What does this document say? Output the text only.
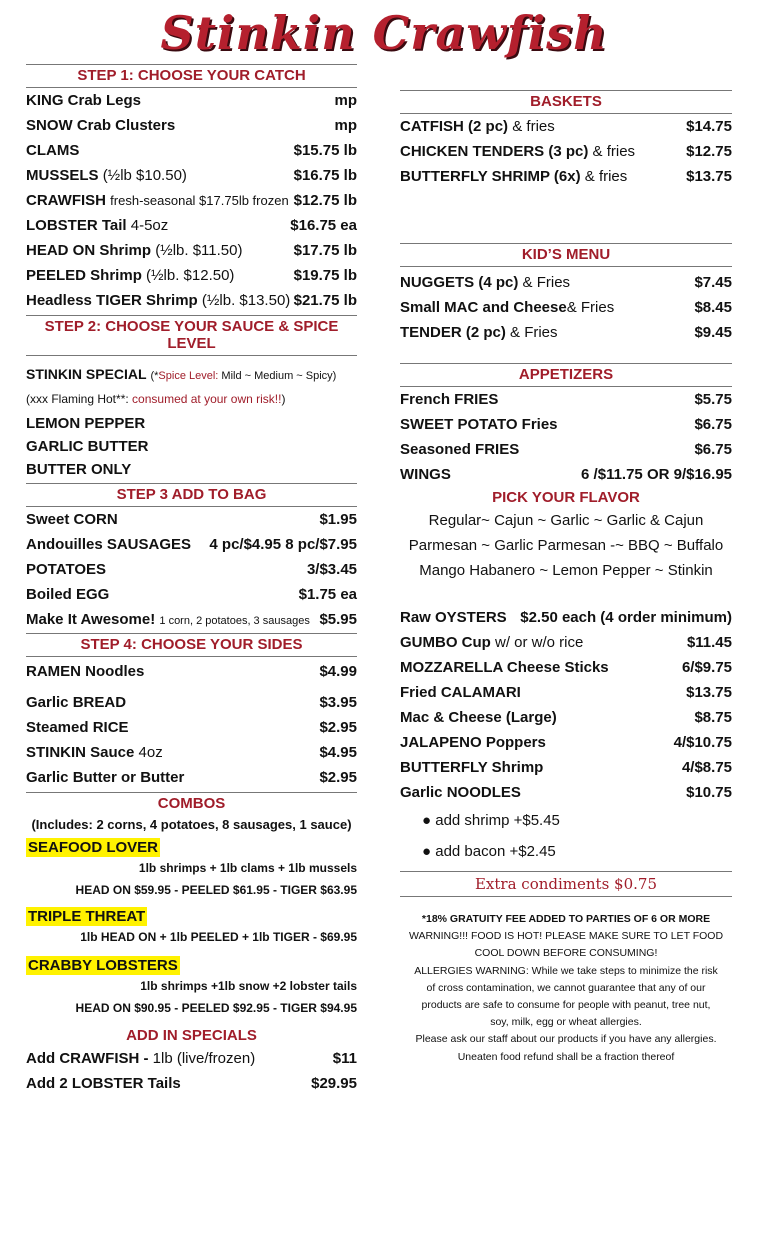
Stinkin Crawfish
STEP 1: CHOOSE YOUR CATCH
KING Crab Legs	mp
SNOW Crab Clusters	mp
CLAMS	$15.75 lb
MUSSELS (½lb $10.50)	$16.75 lb
CRAWFISH fresh-seasonal $17.75lb frozen $12.75 lb
LOBSTER Tail 4-5oz	$16.75 ea
HEAD ON Shrimp (½lb. $11.50)	$17.75 lb
PEELED Shrimp (½lb. $12.50)	$19.75 lb
Headless TIGER Shrimp (½lb. $13.50) $21.75 lb
STEP 2: CHOOSE YOUR SAUCE & SPICE LEVEL
STINKIN SPECIAL (*Spice Level: Mild ~ Medium ~ Spicy)
(xxx Flaming Hot**: consumed at your own risk!!)
LEMON PEPPER
GARLIC BUTTER
BUTTER ONLY
STEP 3 ADD TO BAG
Sweet CORN	$1.95
Andouilles SAUSAGES 4 pc/$4.95 8 pc/$7.95
POTATOES	3/$3.45
Boiled EGG	$1.75 ea
Make It Awesome! 1 corn, 2 potatoes, 3 sausages $5.95
STEP 4: CHOOSE YOUR SIDES
RAMEN Noodles	$4.99
Garlic BREAD	$3.95
Steamed RICE	$2.95
STINKIN Sauce 4oz	$4.95
Garlic Butter or Butter	$2.95
COMBOS
(Includes: 2 corns, 4 potatoes, 8 sausages, 1 sauce)
SEAFOOD LOVER
1lb shrimps + 1lb clams + 1lb mussels
HEAD ON $59.95 - PEELED $61.95 - TIGER $63.95
TRIPLE THREAT
1lb HEAD ON + 1lb PEELED + 1lb TIGER - $69.95
CRABBY LOBSTERS
1lb shrimps +1lb snow +2 lobster tails
HEAD ON $90.95 - PEELED $92.95 - TIGER $94.95
ADD IN SPECIALS
Add CRAWFISH - 1lb (live/frozen)	$11
Add 2 LOBSTER Tails	$29.95
BASKETS
CATFISH (2 pc) & fries	$14.75
CHICKEN TENDERS (3 pc) & fries	$12.75
BUTTERFLY SHRIMP (6x) & fries	$13.75
KID’S MENU
NUGGETS (4 pc) & Fries	$7.45
Small MAC and Cheese& Fries	$8.45
TENDER (2 pc) & Fries	$9.45
APPETIZERS
French FRIES	$5.75
SWEET POTATO Fries	$6.75
Seasoned FRIES	$6.75
WINGS	6 /$11.75 OR 9/$16.95
PICK YOUR FLAVOR
Regular~ Cajun ~ Garlic ~ Garlic & Cajun
Parmesan ~ Garlic Parmesan -~ BBQ ~ Buffalo
Mango Habanero ~ Lemon Pepper ~ Stinkin
Raw OYSTERS $2.50 each (4 order minimum)
GUMBO Cup w/ or w/o rice	$11.45
MOZZARELLA Cheese Sticks	6/$9.75
Fried CALAMARI	$13.75
Mac & Cheese (Large)	$8.75
JALAPENO Poppers	4/$10.75
BUTTERFLY Shrimp	4/$8.75
Garlic NOODLES	$10.75
● add shrimp +$5.45
● add bacon +$2.45
Extra condiments $0.75
*18% GRATUITY FEE ADDED TO PARTIES OF 6 OR MORE
WARNING!!! FOOD IS HOT! PLEASE MAKE SURE TO LET FOOD
COOL DOWN BEFORE CONSUMING!
ALLERGIES WARNING: While we take steps to minimize the risk
of cross contamination, we cannot guarantee that any of our
products are safe to consume for people with peanut, tree nut,
soy, milk, egg or wheat allergies.
Please ask our staff about our products if you have any allergies.
Uneaten food refund shall be a fraction thereof
